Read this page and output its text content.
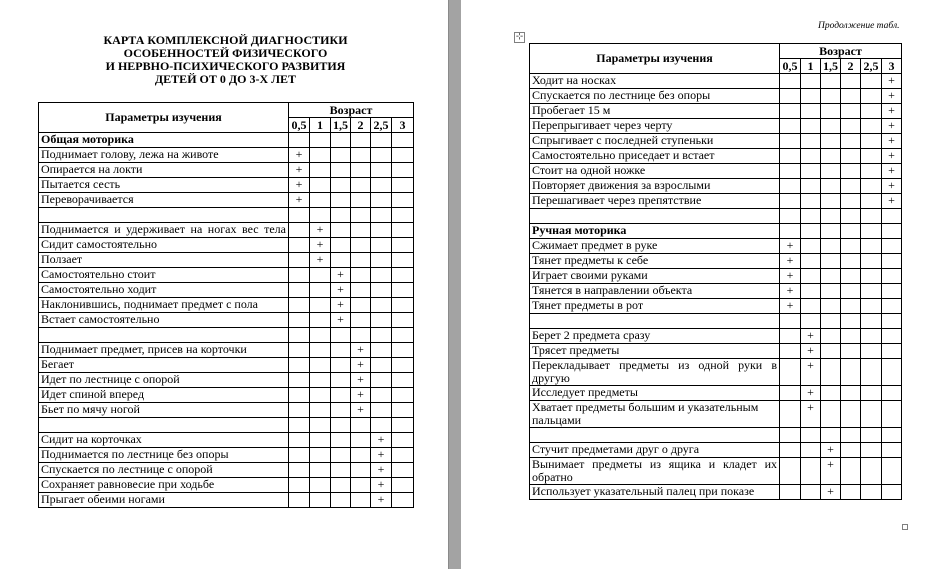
КАРТА КОМПЛЕКСНОЙ ДИАГНОСТИКИ
ОСОБЕННОСТЕЙ ФИЗИЧЕСКОГО
И НЕРВНО-ПСИХИЧЕСКОГО РАЗВИТИЯ
ДЕТЕЙ ОТ 0 ДО 3-Х ЛЕТ
Продолжение табл.
⊹
Параметры изучения	Возраст					
	0,5	1	1,5	2	2,5	3
Общая моторика						
Поднимает голову, лежа на животе	+					
Опирается на локти	+					
Пытается сесть	+					
Переворачивается	+					

Поднимается и удерживает на ногах вес тела		+				
Сидит самостоятельно		+				
Ползает		+				
Самостоятельно стоит			+			
Самостоятельно ходит			+			
Наклонившись, поднимает предмет с пола			+			
Встает самостоятельно			+			

Поднимает предмет, присев на корточки				+		
Бегает				+		
Идет по лестнице с опорой				+		
Идет спиной вперед				+		
Бьет по мячу ногой				+		

Сидит на корточках					+	
Поднимается по лестнице без опоры					+	
Спускается по лестнице с опорой					+	
Сохраняет равновесие при ходьбе					+	
Прыгает обеими ногами					+	
Параметры изучения	Возраст					
	0,5	1	1,5	2	2,5	3
Ходит на носках						+
Спускается по лестнице без опоры						+
Пробегает 15 м						+
Перепрыгивает через черту						+
Спрыгивает с последней ступеньки						+
Самостоятельно приседает и встает						+
Стоит на одной ножке						+
Повторяет движения за взрослыми						+
Перешагивает через препятствие						+

Ручная моторика						
Сжимает предмет в руке	+					
Тянет предметы к себе	+					
Играет своими руками	+					
Тянется в направлении объекта	+					
Тянет предметы в рот	+					

Берет 2 предмета сразу		+				
Трясет предметы		+				
Перекладывает предметы из одной руки в другую		+				
Исследует предметы		+				
Хватает предметы большим и указательным пальцами		+				

Стучит предметами друг о друга			+			
Вынимает предметы из ящика и кладет их обратно			+			
Использует указательный палец при показе			+			
